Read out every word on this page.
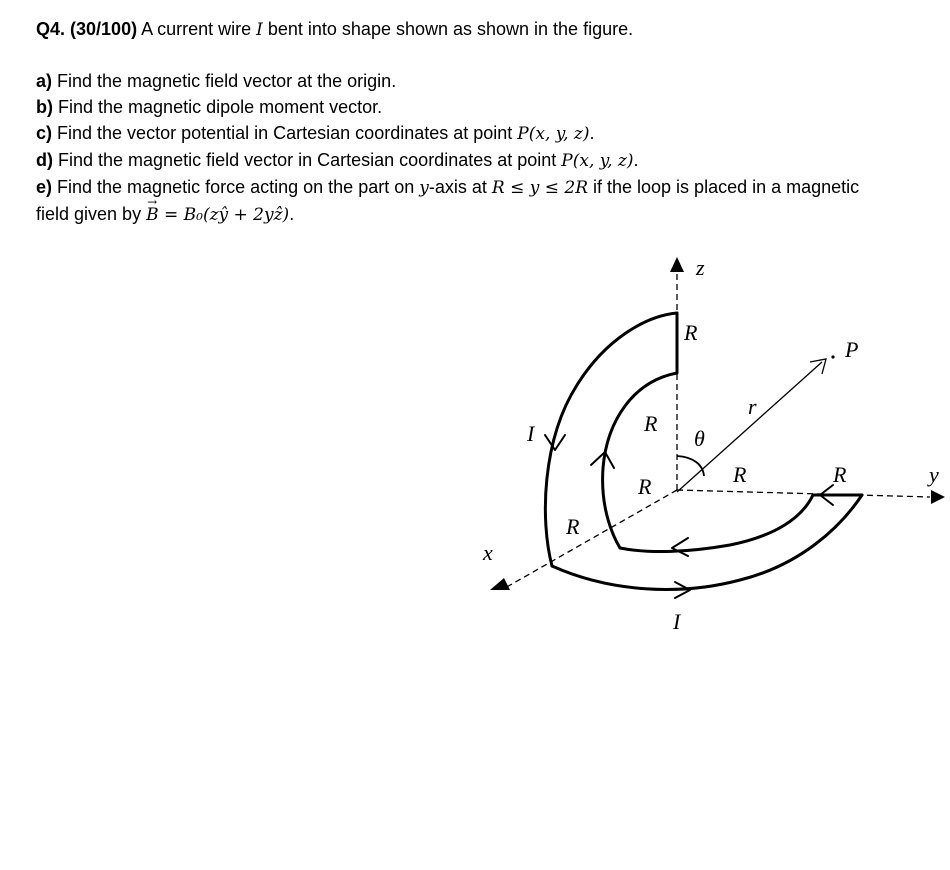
Q4. (30/100) A current wire I bent into shape shown as shown in the figure.

a) Find the magnetic field vector at the origin.
b) Find the magnetic dipole moment vector.
c) Find the vector potential in Cartesian coordinates at point P(x, y, z).
d) Find the magnetic field vector in Cartesian coordinates at point P(x, y, z).
e) Find the magnetic force acting on the part on y-axis at R ≤ y ≤ 2R if the loop is placed in a magnetic
field given by → B = B₀(zŷ + 2yẑ).
z
x
y
I
I
P
r⃗
θ
R
R
R
R
R	R
